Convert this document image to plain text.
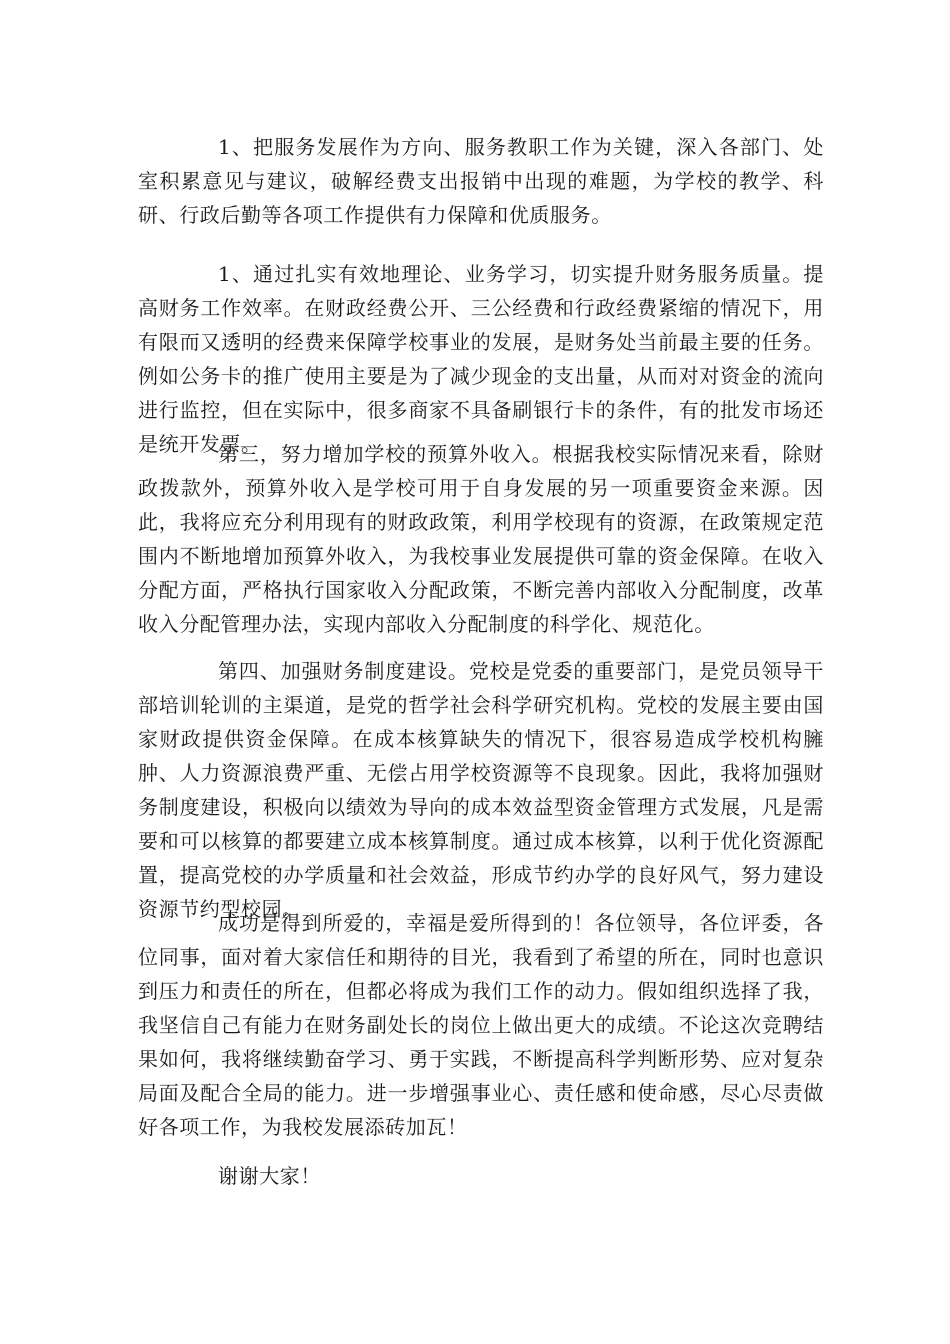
1、把服务发展作为方向、服务教职工作为关键，深入各部门、处室积累意见与建议，破解经费支出报销中出现的难题，为学校的教学、科研、行政后勤等各项工作提供有力保障和优质服务。

1、通过扎实有效地理论、业务学习，切实提升财务服务质量。提高财务工作效率。在财政经费公开、三公经费和行政经费紧缩的情况下，用有限而又透明的经费来保障学校事业的发展，是财务处当前最主要的任务。例如公务卡的推广使用主要是为了减少现金的支出量，从而对对资金的流向进行监控，但在实际中，很多商家不具备刷银行卡的条件，有的批发市场还是统开发票。

第三，努力增加学校的预算外收入。根据我校实际情况来看，除财政拨款外，预算外收入是学校可用于自身发展的另一项重要资金来源。因此，我将应充分利用现有的财政政策，利用学校现有的资源，在政策规定范围内不断地增加预算外收入，为我校事业发展提供可靠的资金保障。在收入分配方面，严格执行国家收入分配政策，不断完善内部收入分配制度，改革收入分配管理办法，实现内部收入分配制度的科学化、规范化。

第四、加强财务制度建设。党校是党委的重要部门，是党员领导干部培训轮训的主渠道，是党的哲学社会科学研究机构。党校的发展主要由国家财政提供资金保障。在成本核算缺失的情况下，很容易造成学校机构臃肿、人力资源浪费严重、无偿占用学校资源等不良现象。因此，我将加强财务制度建设，积极向以绩效为导向的成本效益型资金管理方式发展，凡是需要和可以核算的都要建立成本核算制度。通过成本核算，以利于优化资源配置，提高党校的办学质量和社会效益，形成节约办学的良好风气，努力建设资源节约型校园。

成功是得到所爱的，幸福是爱所得到的！各位领导，各位评委，各位同事，面对着大家信任和期待的目光，我看到了希望的所在，同时也意识到压力和责任的所在，但都必将成为我们工作的动力。假如组织选择了我，我坚信自己有能力在财务副处长的岗位上做出更大的成绩。不论这次竞聘结果如何，我将继续勤奋学习、勇于实践，不断提高科学判断形势、应对复杂局面及配合全局的能力。进一步增强事业心、责任感和使命感，尽心尽责做好各项工作，为我校发展添砖加瓦！

谢谢大家！
